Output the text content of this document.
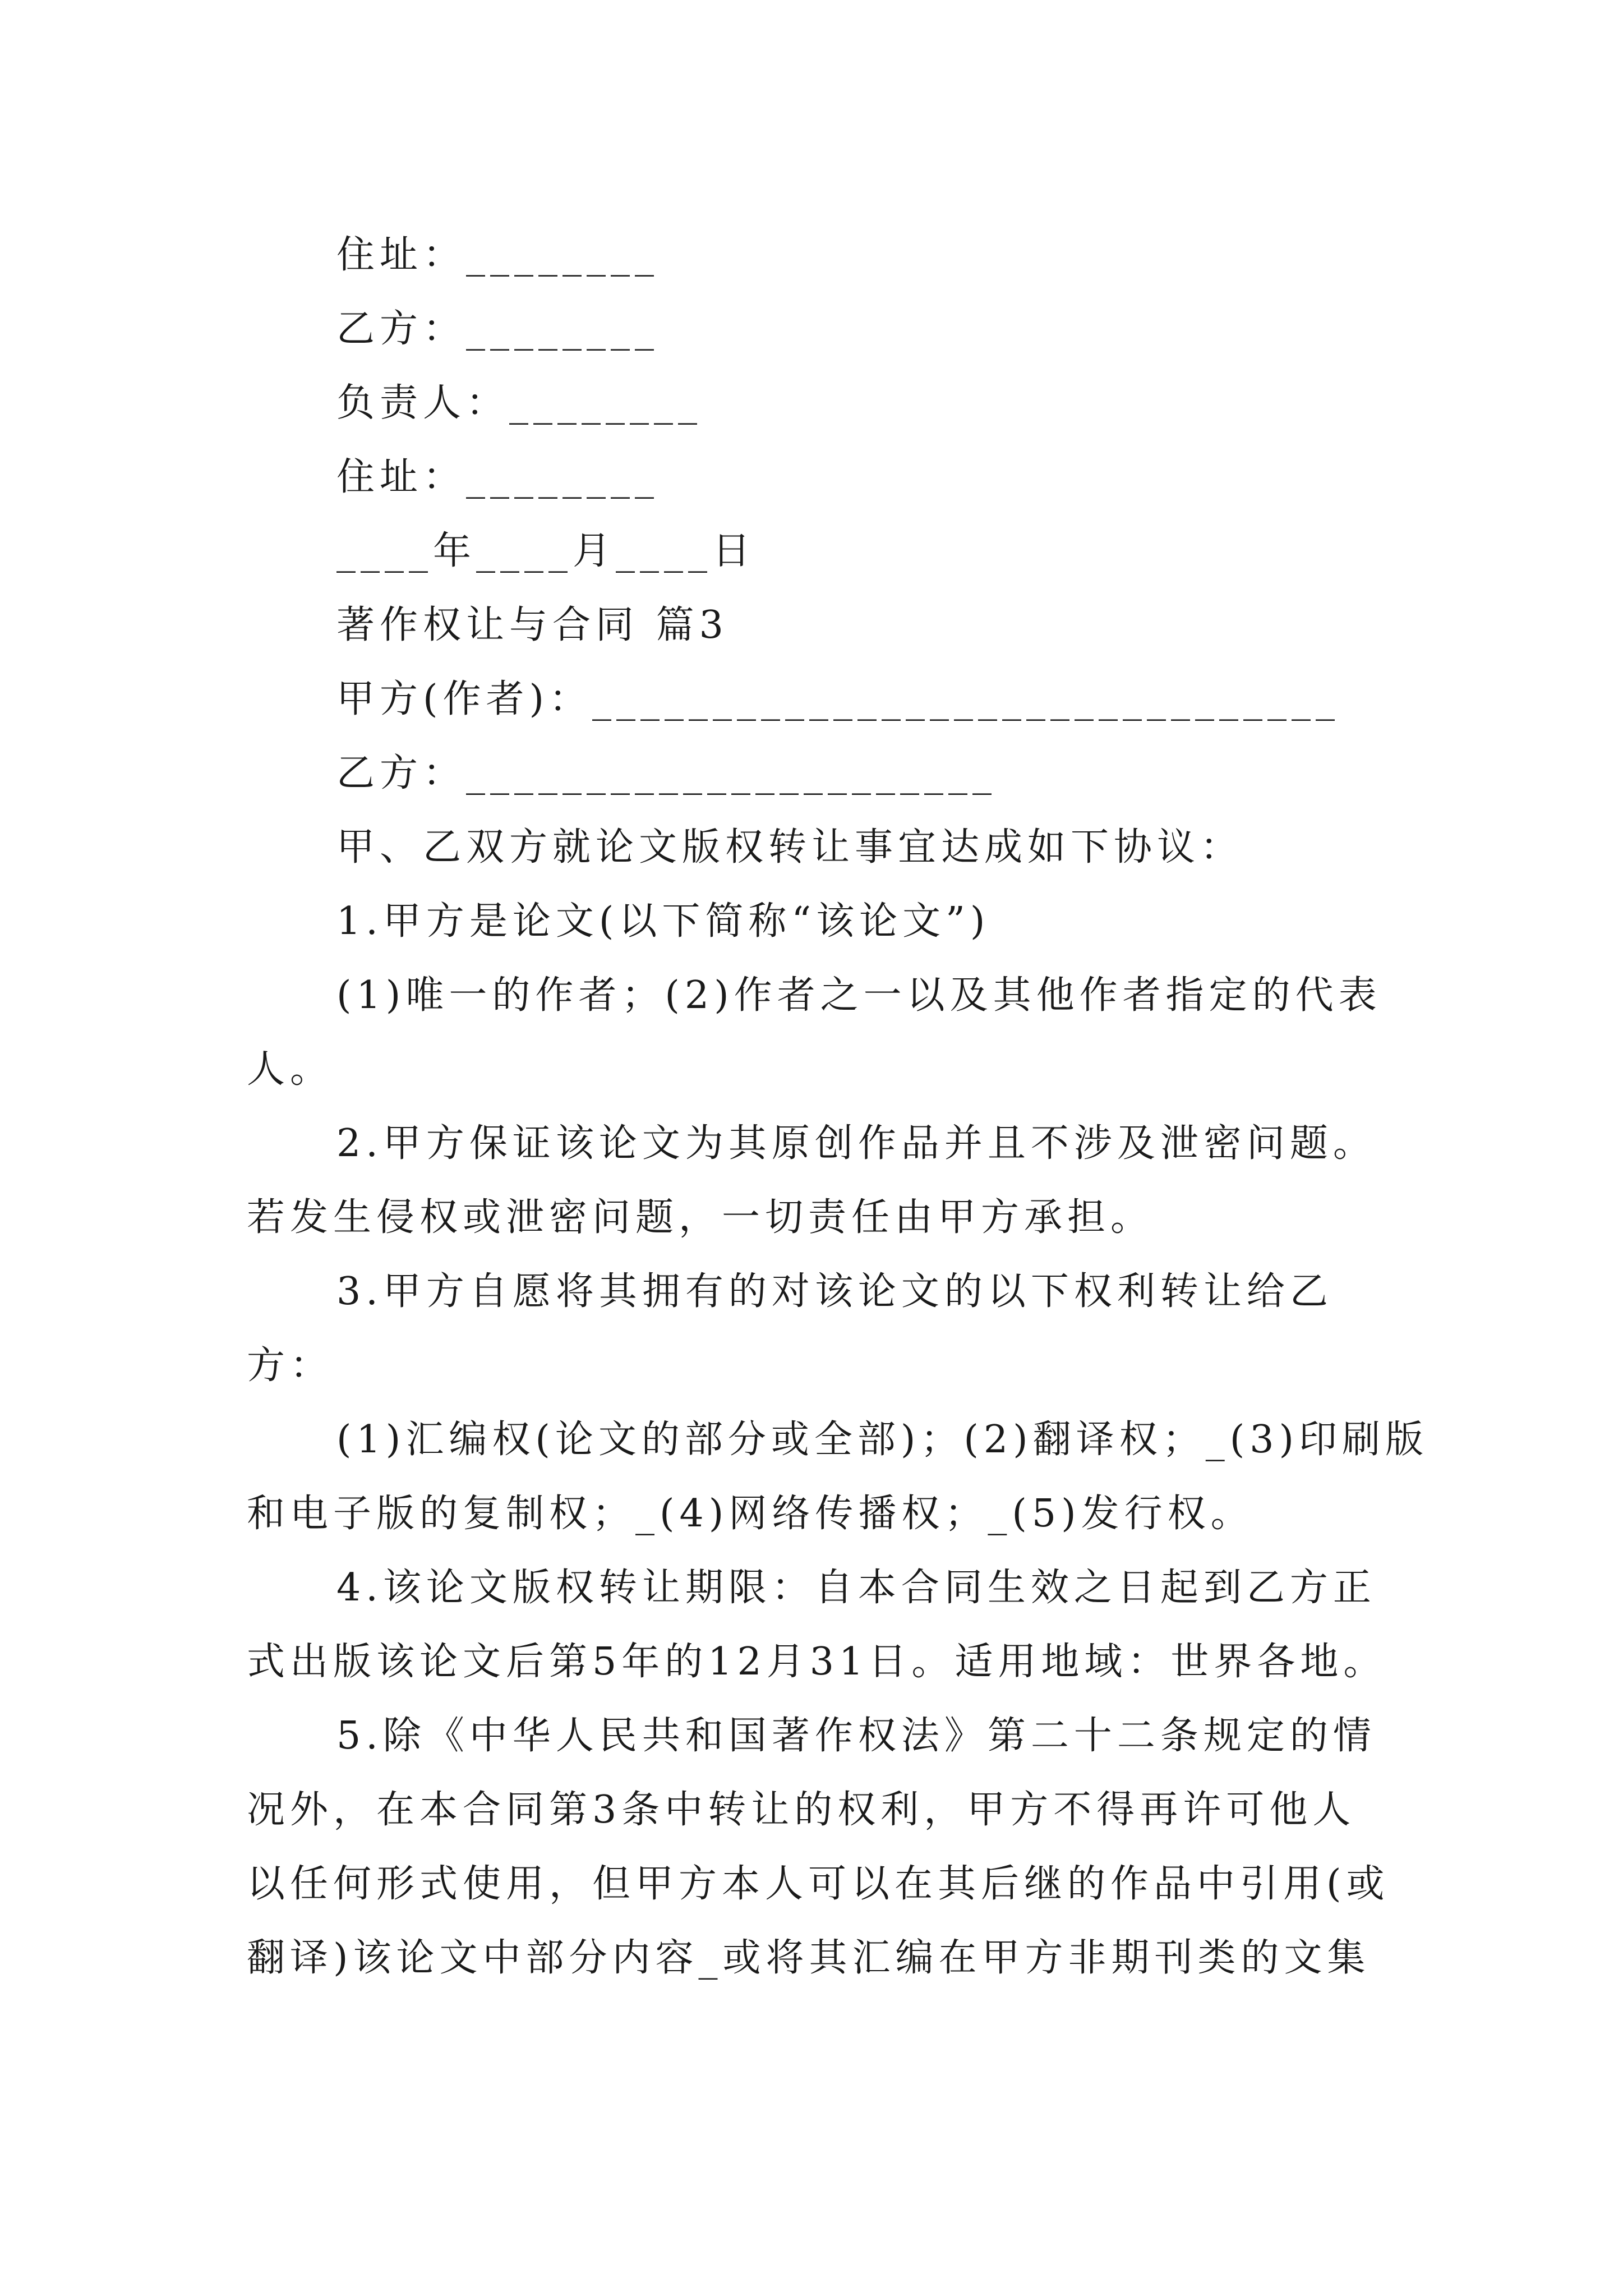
住址：________
乙方：________
负责人：________
住址：________
____年____月____日
著作权让与合同 篇3
甲方(作者)：_______________________________
乙方：______________________
甲、乙双方就论文版权转让事宜达成如下协议：
1.甲方是论文(以下简称“该论文”)
(1)唯一的作者；(2)作者之一以及其他作者指定的代表
人。
2.甲方保证该论文为其原创作品并且不涉及泄密问题。
若发生侵权或泄密问题，一切责任由甲方承担。
3.甲方自愿将其拥有的对该论文的以下权利转让给乙
方：
(1)汇编权(论文的部分或全部)；(2)翻译权；_(3)印刷版
和电子版的复制权；_(4)网络传播权；_(5)发行权。
4.该论文版权转让期限：自本合同生效之日起到乙方正
式出版该论文后第5年的12月31日。适用地域：世界各地。
5.除《中华人民共和国著作权法》第二十二条规定的情
况外，在本合同第3条中转让的权利，甲方不得再许可他人
以任何形式使用，但甲方本人可以在其后继的作品中引用(或
翻译)该论文中部分内容_或将其汇编在甲方非期刊类的文集
